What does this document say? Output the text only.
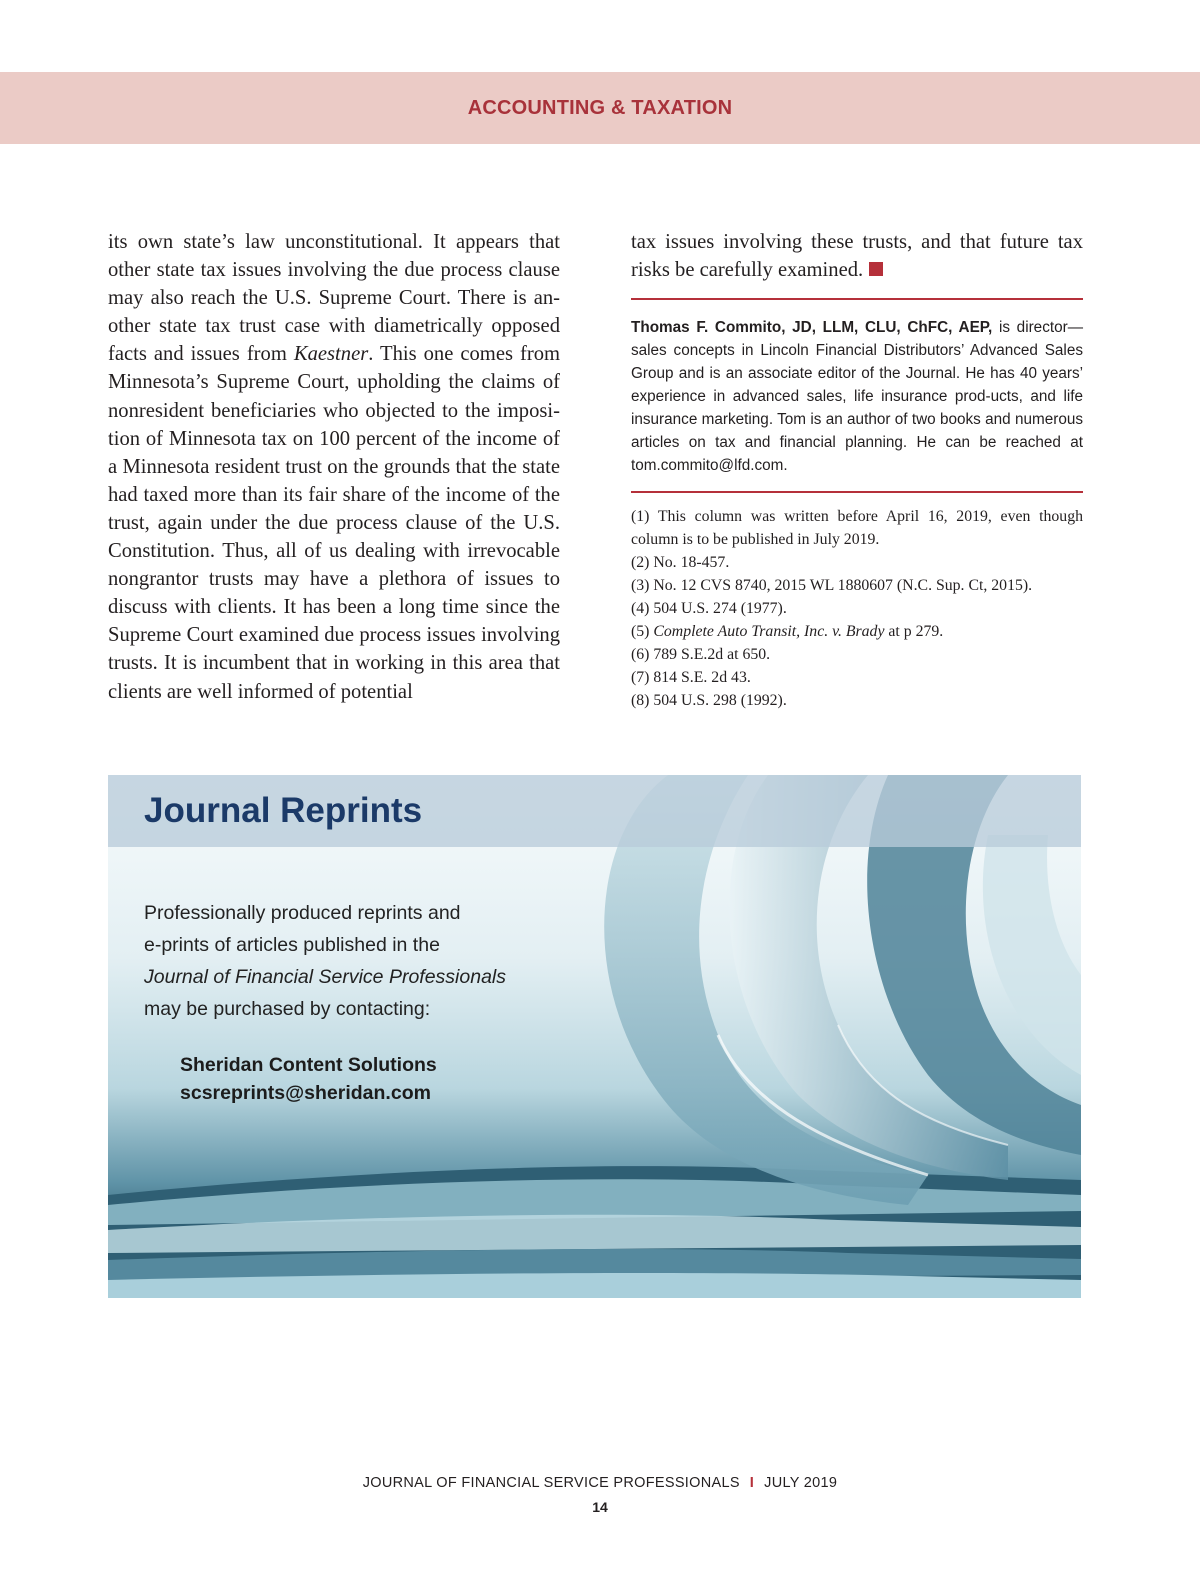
ACCOUNTING & TAXATION

its own state’s law unconstitutional. It appears that other state tax issues involving the due process clause may also reach the U.S. Supreme Court. There is an-other state tax trust case with diametrically opposed facts and issues from Kaestner. This one comes from Minnesota’s Supreme Court, upholding the claims of nonresident beneficiaries who objected to the imposi-tion of Minnesota tax on 100 percent of the income of a Minnesota resident trust on the grounds that the state had taxed more than its fair share of the income of the trust, again under the due process clause of the U.S. Constitution. Thus, all of us dealing with irrevocable nongrantor trusts may have a plethora of issues to discuss with clients. It has been a long time since the Supreme Court examined due process issues involving trusts. It is incumbent that in working in this area that clients are well informed of potential

tax issues involving these trusts, and that future tax risks be carefully examined.

Thomas F. Commito, JD, LLM, CLU, ChFC, AEP, is director—sales concepts in Lincoln Financial Distributors’ Advanced Sales Group and is an associate editor of the Journal. He has 40 years’ experience in advanced sales, life insurance prod-ucts, and life insurance marketing. Tom is an author of two books and numerous articles on tax and financial planning. He can be reached at tom.commito@lfd.com.

(1) This column was written before April 16, 2019, even though column is to be published in July 2019.
(2) No. 18-457.
(3) No. 12 CVS 8740, 2015 WL 1880607 (N.C. Sup. Ct, 2015).
(4) 504 U.S. 274 (1977).
(5) Complete Auto Transit, Inc. v. Brady at p 279.
(6) 789 S.E.2d at 650.
(7) 814 S.E. 2d 43.
(8) 504 U.S. 298 (1992).
Journal Reprints
Professionally produced reprints and
e-prints of articles published in the
Journal of Financial Service Professionals
may be purchased by contacting:
Sheridan Content Solutions
scsreprints@sheridan.com
JOURNAL OF FINANCIAL SERVICE PROFESSIONALS I JULY 2019
14
